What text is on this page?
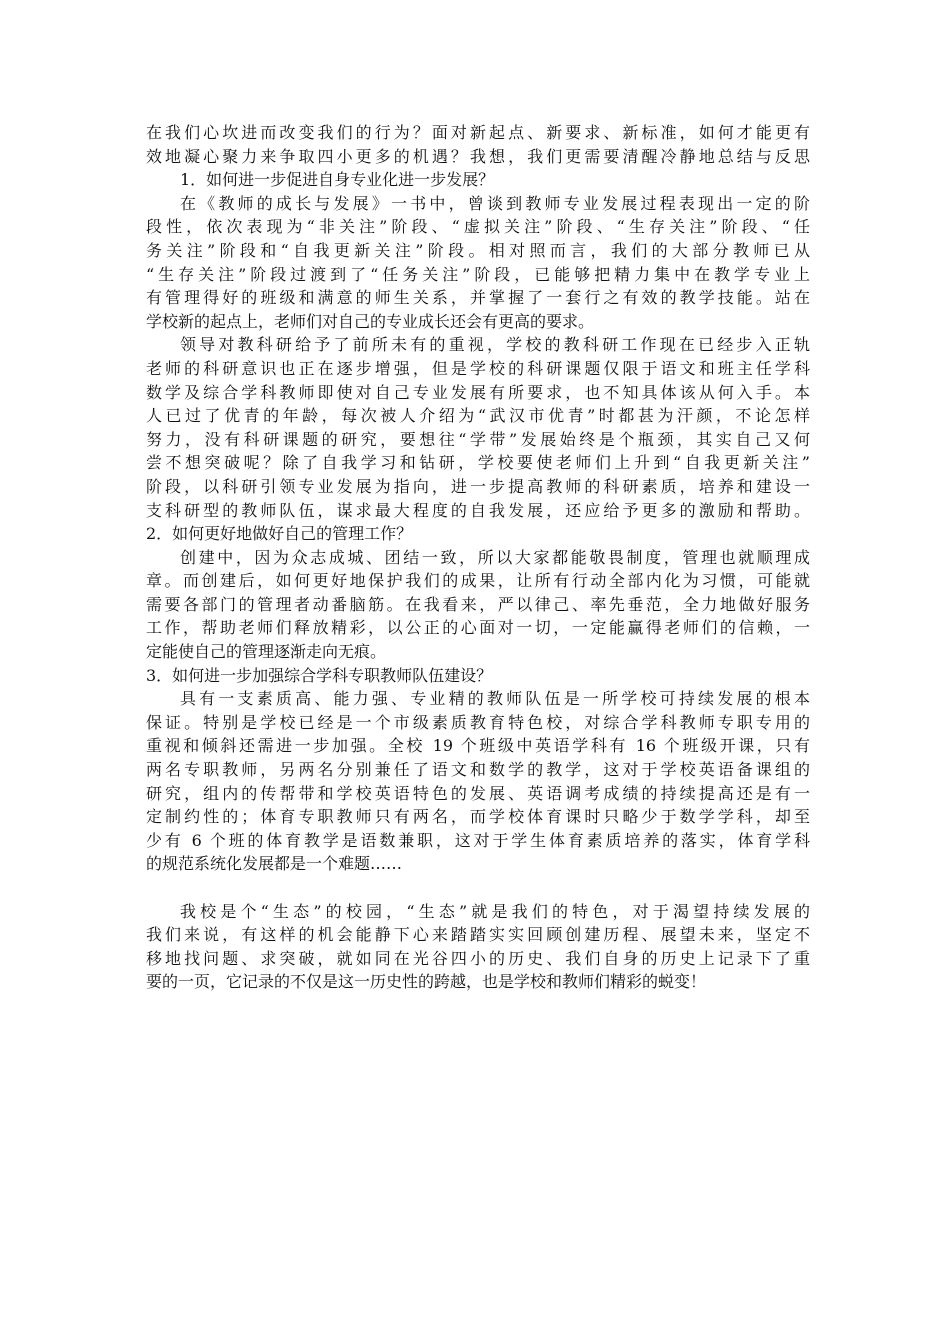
在我们心坎进而改变我们的行为？面对新起点、新要求、新标准，如何才能更有
效地凝心聚力来争取四小更多的机遇？我想，我们更需要清醒冷静地总结与反思
1．如何进一步促进自身专业化进一步发展？
在《教师的成长与发展》一书中，曾谈到教师专业发展过程表现出一定的阶
段性，依次表现为“非关注”阶段、“虚拟关注”阶段、“生存关注”阶段、“任
务关注”阶段和“自我更新关注”阶段。相对照而言，我们的大部分教师已从
“生存关注”阶段过渡到了“任务关注”阶段，已能够把精力集中在教学专业上
有管理得好的班级和满意的师生关系，并掌握了一套行之有效的教学技能。站在
学校新的起点上，老师们对自己的专业成长还会有更高的要求。
领导对教科研给予了前所未有的重视，学校的教科研工作现在已经步入正轨
老师的科研意识也正在逐步增强，但是学校的科研课题仅限于语文和班主任学科
数学及综合学科教师即使对自己专业发展有所要求，也不知具体该从何入手。本
人已过了优青的年龄，每次被人介绍为“武汉市优青”时都甚为汗颜，不论怎样
努力，没有科研课题的研究，要想往“学带”发展始终是个瓶颈，其实自己又何
尝不想突破呢？除了自我学习和钻研，学校要使老师们上升到“自我更新关注”
阶段，以科研引领专业发展为指向，进一步提高教师的科研素质，培养和建设一
支科研型的教师队伍，谋求最大程度的自我发展，还应给予更多的激励和帮助。
2．如何更好地做好自己的管理工作？
创建中，因为众志成城、团结一致，所以大家都能敬畏制度，管理也就顺理成
章。而创建后，如何更好地保护我们的成果，让所有行动全部内化为习惯，可能就
需要各部门的管理者动番脑筋。在我看来，严以律己、率先垂范，全力地做好服务
工作，帮助老师们释放精彩，以公正的心面对一切，一定能赢得老师们的信赖，一
定能使自己的管理逐渐走向无痕。
3．如何进一步加强综合学科专职教师队伍建设？
具有一支素质高、能力强、专业精的教师队伍是一所学校可持续发展的根本
保证。特别是学校已经是一个市级素质教育特色校，对综合学科教师专职专用的
重视和倾斜还需进一步加强。全校 19 个班级中英语学科有 16 个班级开课，只有
两名专职教师，另两名分别兼任了语文和数学的教学，这对于学校英语备课组的
研究，组内的传帮带和学校英语特色的发展、英语调考成绩的持续提高还是有一
定制约性的；体育专职教师只有两名，而学校体育课时只略少于数学学科，却至
少有 6 个班的体育教学是语数兼职，这对于学生体育素质培养的落实，体育学科
的规范系统化发展都是一个难题……
我校是个“生态”的校园，“生态”就是我们的特色，对于渴望持续发展的
我们来说，有这样的机会能静下心来踏踏实实回顾创建历程、展望未来，坚定不
移地找问题、求突破，就如同在光谷四小的历史、我们自身的历史上记录下了重
要的一页，它记录的不仅是这一历史性的跨越，也是学校和教师们精彩的蜕变！
